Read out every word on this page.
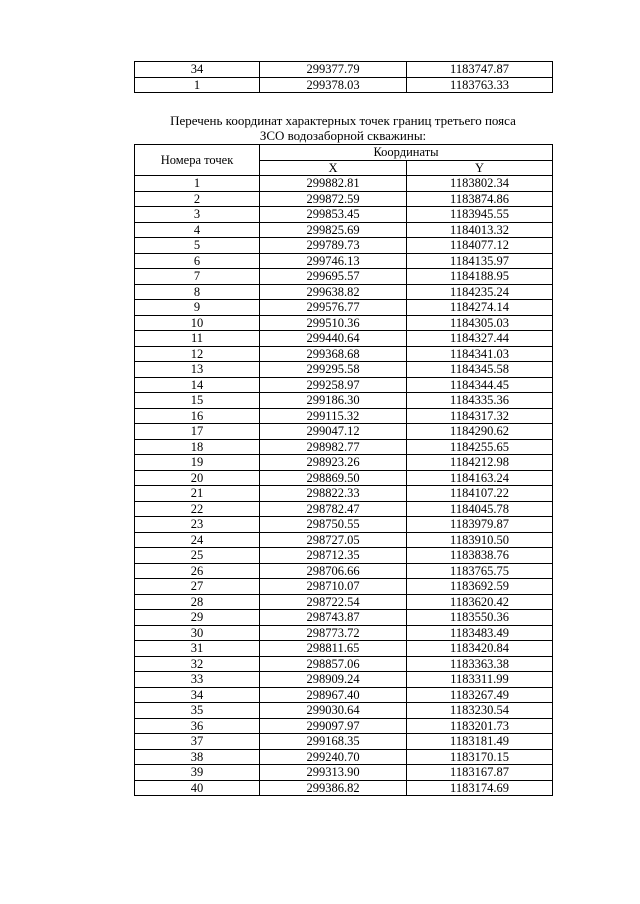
34	299377.79	1183747.87
1	299378.03	1183763.33
Перечень координат характерных точек границ третьего пояса
ЗСО водозаборной скважины:
Номера точек	Координаты	
	X	Y
1	299882.81	1183802.34
2	299872.59	1183874.86
3	299853.45	1183945.55
4	299825.69	1184013.32
5	299789.73	1184077.12
6	299746.13	1184135.97
7	299695.57	1184188.95
8	299638.82	1184235.24
9	299576.77	1184274.14
10	299510.36	1184305.03
11	299440.64	1184327.44
12	299368.68	1184341.03
13	299295.58	1184345.58
14	299258.97	1184344.45
15	299186.30	1184335.36
16	299115.32	1184317.32
17	299047.12	1184290.62
18	298982.77	1184255.65
19	298923.26	1184212.98
20	298869.50	1184163.24
21	298822.33	1184107.22
22	298782.47	1184045.78
23	298750.55	1183979.87
24	298727.05	1183910.50
25	298712.35	1183838.76
26	298706.66	1183765.75
27	298710.07	1183692.59
28	298722.54	1183620.42
29	298743.87	1183550.36
30	298773.72	1183483.49
31	298811.65	1183420.84
32	298857.06	1183363.38
33	298909.24	1183311.99
34	298967.40	1183267.49
35	299030.64	1183230.54
36	299097.97	1183201.73
37	299168.35	1183181.49
38	299240.70	1183170.15
39	299313.90	1183167.87
40	299386.82	1183174.69
